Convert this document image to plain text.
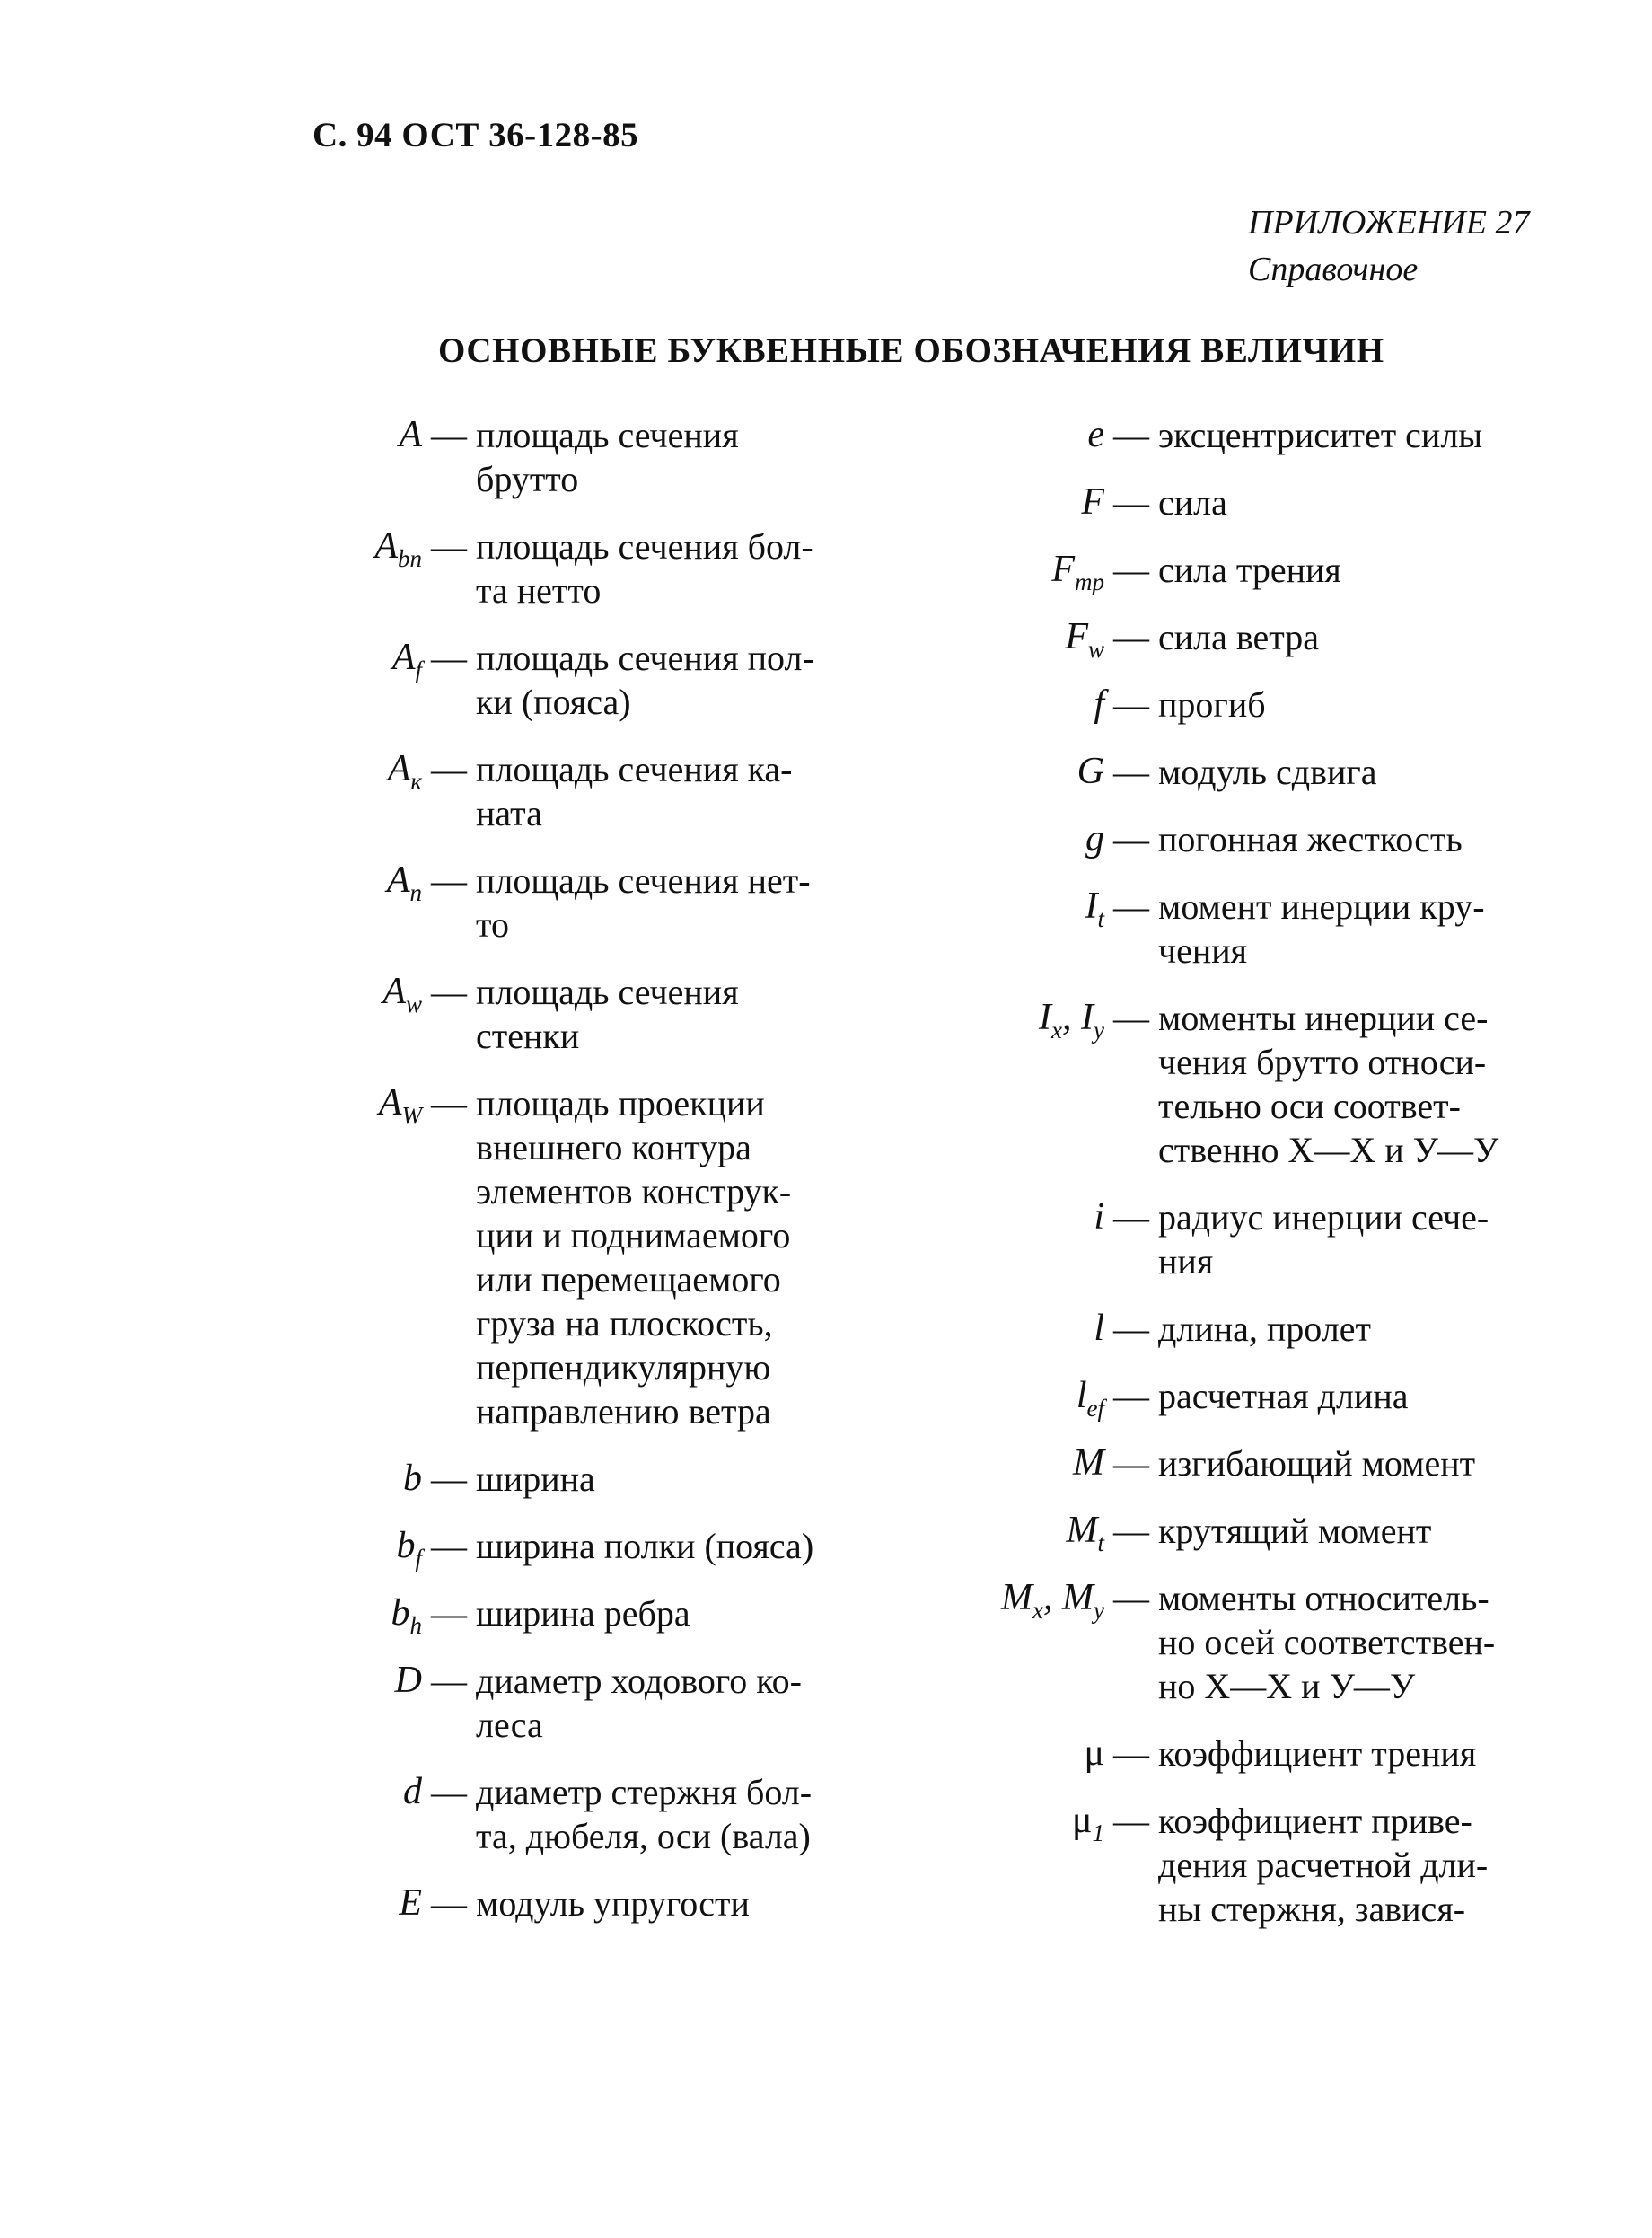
С. 94 ОСТ 36-128-85
ПРИЛОЖЕНИЕ 27
Справочное
ОСНОВНЫЕ БУКВЕННЫЕ ОБОЗНАЧЕНИЯ ВЕЛИЧИН
A — площадь сечения
брутто
$A_{bn}$ — площадь сечения бол-
та нетто
$A_f$ — площадь сечения пол-
ки (пояса)
$A_к$ — площадь сечения ка-
ната
$A_n$ — площадь сечения нет-
то
$A_w$ — площадь сечения
стенки
$A_W$ — площадь проекции
внешнего контура
элементов конструк-
ции и поднимаемого
или перемещаемого
груза на плоскость,
перпендикулярную
направлению ветра
b — ширина
$b_f$ — ширина полки (пояса)
$b_h$ — ширина ребра
D — диаметр ходового ко-
леса
d — диаметр стержня бол-
та, дюбеля, оси (вала)
E — модуль упругости
e — эксцентриситет силы
F — сила
$F_{тр}$ — сила трения
$F_w$ — сила ветра
f — прогиб
G — модуль сдвига
g — погонная жесткость
$I_t$ — момент инерции кру-
чения
$I_x$, $I_y$ — моменты инерции се-
чения брутто относи-
тельно оси соответ-
ственно Х—Х и У—У
i — радиус инерции сече-
ния
l — длина, пролет
$l_{ef}$ — расчетная длина
M — изгибающий момент
$M_t$ — крутящий момент
$M_x$, $M_y$ — моменты относитель-
но осей соответствен-
но Х—Х и У—У
μ — коэффициент трения
$\mu_1$ — коэффициент приве-
дения расчетной дли-
ны стержня, завися-
